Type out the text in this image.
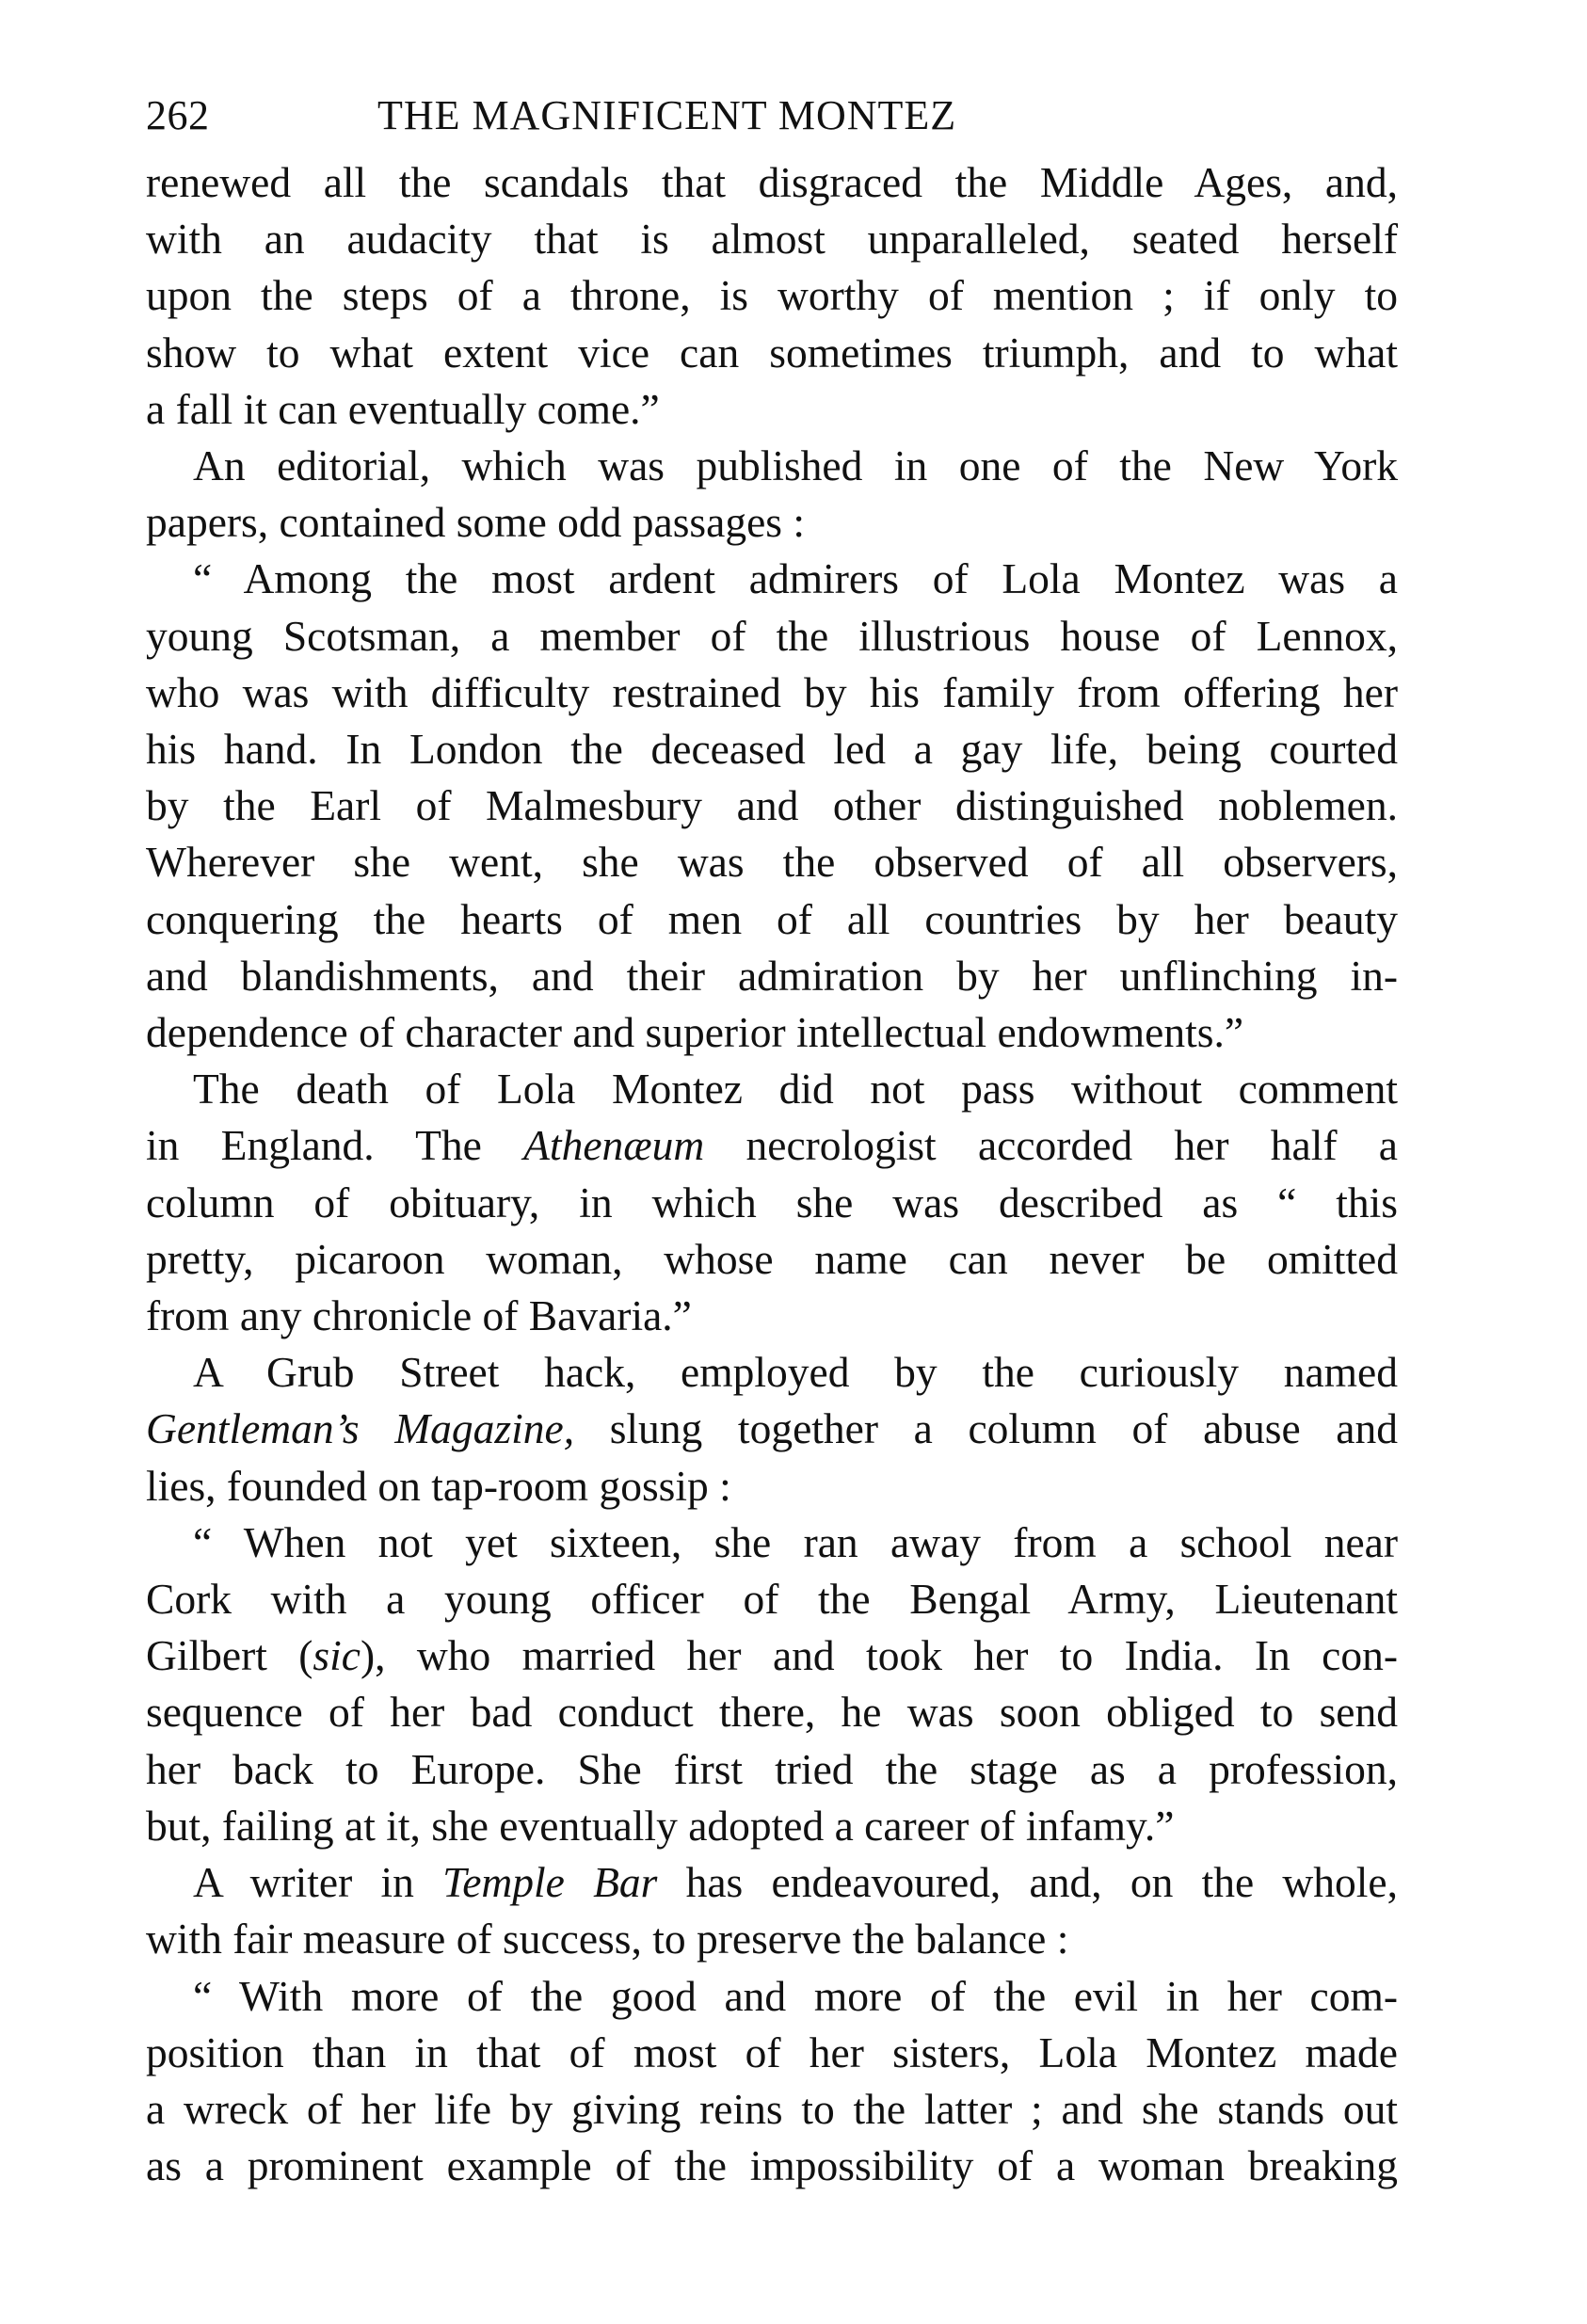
262	THE MAGNIFICENT MONTEZ

renewed all the scandals that disgraced the Middle Ages, and,
with an audacity that is almost unparalleled, seated herself
upon the steps of a throne, is worthy of mention ; if only to
show to what extent vice can sometimes triumph, and to what
a fall it can eventually come.”

An editorial, which was published in one of the New York
papers, contained some odd passages :

“ Among the most ardent admirers of Lola Montez was a
young Scotsman, a member of the illustrious house of Lennox,
who was with difficulty restrained by his family from offering her
his hand. In London the deceased led a gay life, being courted
by the Earl of Malmesbury and other distinguished noblemen.
Wherever she went, she was the observed of all observers,
conquering the hearts of men of all countries by her beauty
and blandishments, and their admiration by her unflinching in-
dependence of character and superior intellectual endowments.”

The death of Lola Montez did not pass without comment
in England. The Athenæum necrologist accorded her half a
column of obituary, in which she was described as “ this
pretty, picaroon woman, whose name can never be omitted
from any chronicle of Bavaria.”

A Grub Street hack, employed by the curiously named
Gentleman’s Magazine, slung together a column of abuse and
lies, founded on tap-room gossip :

“ When not yet sixteen, she ran away from a school near
Cork with a young officer of the Bengal Army, Lieutenant
Gilbert (sic), who married her and took her to India. In con-
sequence of her bad conduct there, he was soon obliged to send
her back to Europe. She first tried the stage as a profession,
but, failing at it, she eventually adopted a career of infamy.”

A writer in Temple Bar has endeavoured, and, on the whole,
with fair measure of success, to preserve the balance :

“ With more of the good and more of the evil in her com-
position than in that of most of her sisters, Lola Montez made
a wreck of her life by giving reins to the latter ; and she stands out
as a prominent example of the impossibility of a woman breaking
